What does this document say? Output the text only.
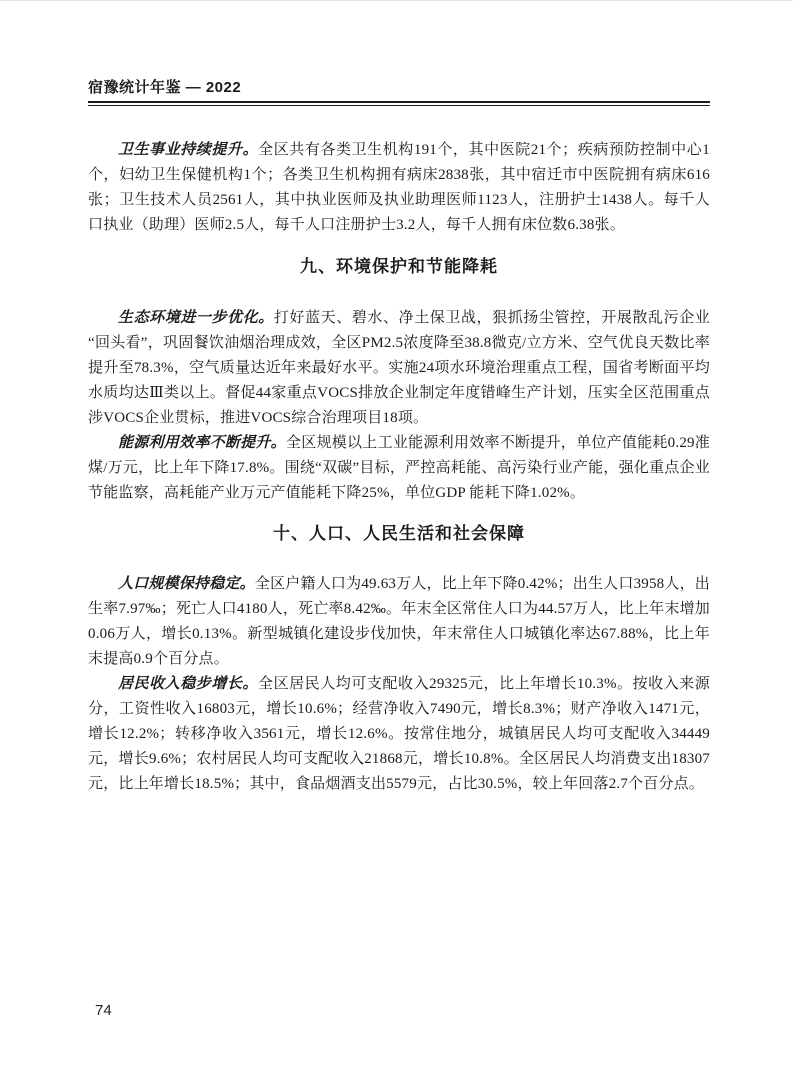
宿豫统计年鉴 — 2022

卫生事业持续提升。全区共有各类卫生机构191个，其中医院21个；疾病预防控制中心1个，妇幼卫生保健机构1个；各类卫生机构拥有病床2838张，其中宿迁市中医院拥有病床616张；卫生技术人员2561人，其中执业医师及执业助理医师1123人，注册护士1438人。每千人口执业（助理）医师2.5人，每千人口注册护士3.2人，每千人拥有床位数6.38张。

九、环境保护和节能降耗

生态环境进一步优化。打好蓝天、碧水、净土保卫战，狠抓扬尘管控，开展散乱污企业“回头看”，巩固餐饮油烟治理成效，全区PM2.5浓度降至38.8微克/立方米、空气优良天数比率提升至78.3%，空气质量达近年来最好水平。实施24项水环境治理重点工程，国省考断面平均水质均达Ⅲ类以上。督促44家重点VOCS排放企业制定年度错峰生产计划，压实全区范围重点涉VOCS企业贯标，推进VOCS综合治理项目18项。

能源利用效率不断提升。全区规模以上工业能源利用效率不断提升，单位产值能耗0.29准煤/万元，比上年下降17.8%。围绕“双碳”目标，严控高耗能、高污染行业产能，强化重点企业节能监察，高耗能产业万元产值能耗下降25%，单位GDP 能耗下降1.02%。

十、人口、人民生活和社会保障

人口规模保持稳定。全区户籍人口为49.63万人，比上年下降0.42%；出生人口3958人，出生率7.97‰；死亡人口4180人，死亡率8.42‰。年末全区常住人口为44.57万人，比上年末增加0.06万人，增长0.13%。新型城镇化建设步伐加快，年末常住人口城镇化率达67.88%，比上年末提高0.9个百分点。

居民收入稳步增长。全区居民人均可支配收入29325元，比上年增长10.3%。按收入来源分，工资性收入16803元，增长10.6%；经营净收入7490元，增长8.3%；财产净收入1471元，增长12.2%；转移净收入3561元，增长12.6%。按常住地分，城镇居民人均可支配收入34449元，增长9.6%；农村居民人均可支配收入21868元，增长10.8%。全区居民人均消费支出18307元，比上年增长18.5%；其中，食品烟酒支出5579元，占比30.5%，较上年回落2.7个百分点。

74
